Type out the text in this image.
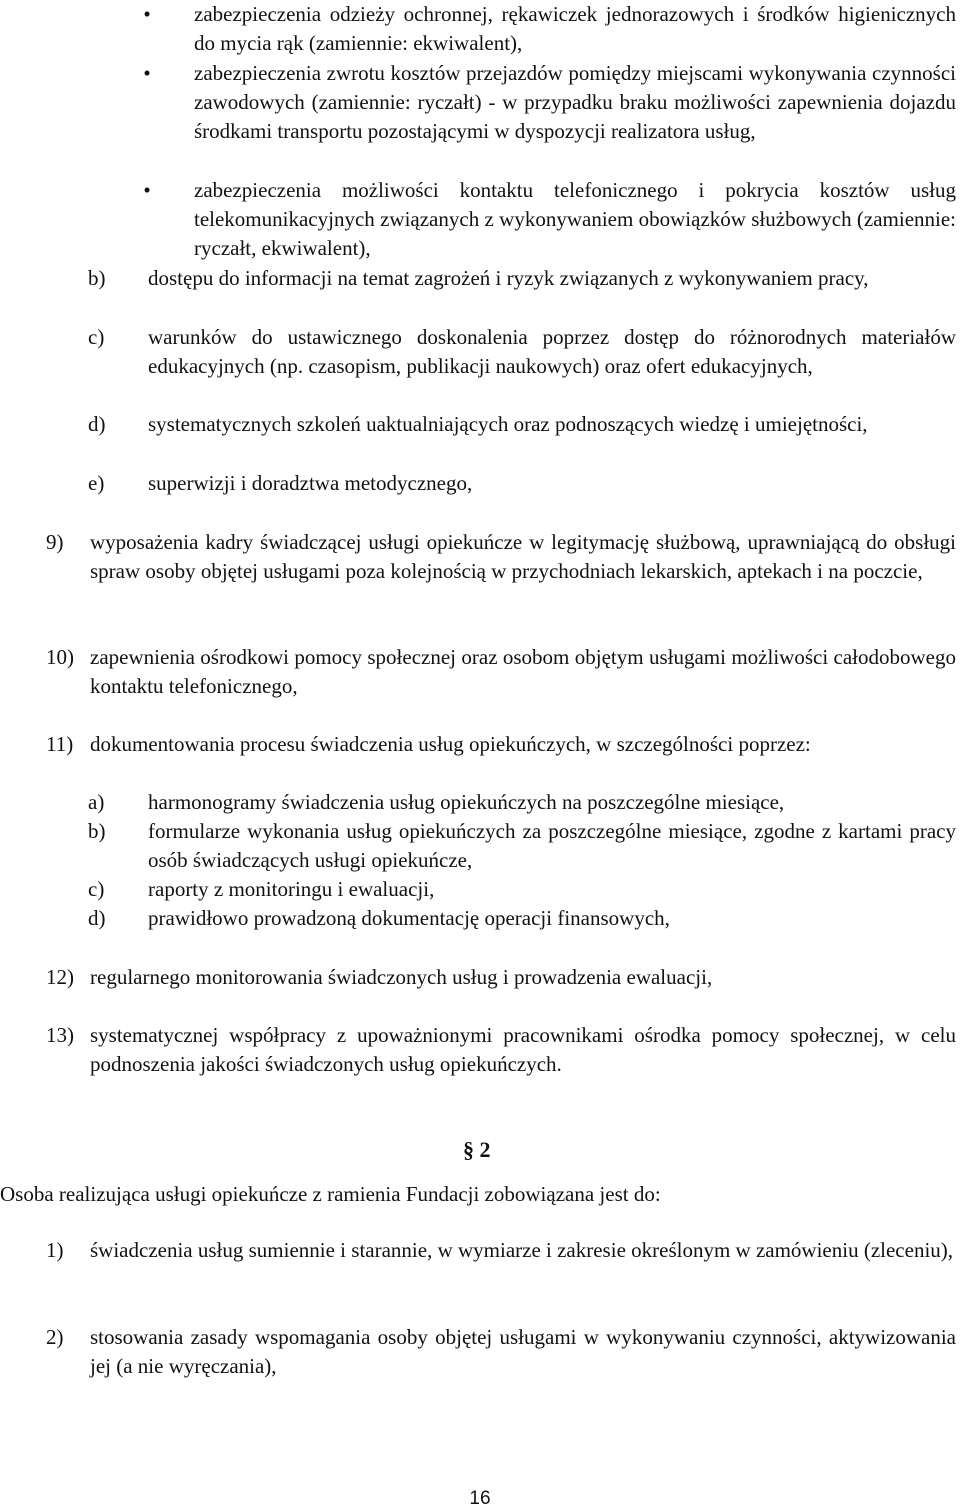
• zabezpieczenia odzieży ochronnej, rękawiczek jednorazowych i środków higienicznych do mycia rąk (zamiennie: ekwiwalent),
• zabezpieczenia zwrotu kosztów przejazdów pomiędzy miejscami wykonywania czynności zawodowych (zamiennie: ryczałt) - w przypadku braku możliwości zapewnienia dojazdu środkami transportu pozostającymi w dyspozycji realizatora usług,
• zabezpieczenia możliwości kontaktu telefonicznego i pokrycia kosztów usług telekomunikacyjnych związanych z wykonywaniem obowiązków służbowych (zamiennie: ryczałt, ekwiwalent),
b) dostępu do informacji na temat zagrożeń i ryzyk związanych z wykonywaniem pracy,
c) warunków do ustawicznego doskonalenia poprzez dostęp do różnorodnych materiałów edukacyjnych (np. czasopism, publikacji naukowych) oraz ofert edukacyjnych,
d) systematycznych szkoleń uaktualniających oraz podnoszących wiedzę i umiejętności,
e) superwizji i doradztwa metodycznego,
9) wyposażenia kadry świadczącej usługi opiekuńcze w legitymację służbową, uprawniającą do obsługi spraw osoby objętej usługami poza kolejnością w przychodniach lekarskich, aptekach i na poczcie,
10) zapewnienia ośrodkowi pomocy społecznej oraz osobom objętym usługami możliwości całodobowego kontaktu telefonicznego,
11) dokumentowania procesu świadczenia usług opiekuńczych, w szczególności poprzez:
a) harmonogramy świadczenia usług opiekuńczych na poszczególne miesiące,
b) formularze wykonania usług opiekuńczych za poszczególne miesiące, zgodne z kartami pracy osób świadczących usługi opiekuńcze,
c) raporty z monitoringu i ewaluacji,
d) prawidłowo prowadzoną dokumentację operacji finansowych,
12) regularnego monitorowania świadczonych usług i prowadzenia ewaluacji,
13) systematycznej współpracy z upoważnionymi pracownikami ośrodka pomocy społecznej, w celu podnoszenia jakości świadczonych usług opiekuńczych.
§ 2
Osoba realizująca usługi opiekuńcze z ramienia Fundacji zobowiązana jest do:
1) świadczenia usług sumiennie i starannie, w wymiarze i zakresie określonym w zamówieniu (zleceniu),
2) stosowania zasady wspomagania osoby objętej usługami w wykonywaniu czynności, aktywizowania jej (a nie wyręczania),
16
